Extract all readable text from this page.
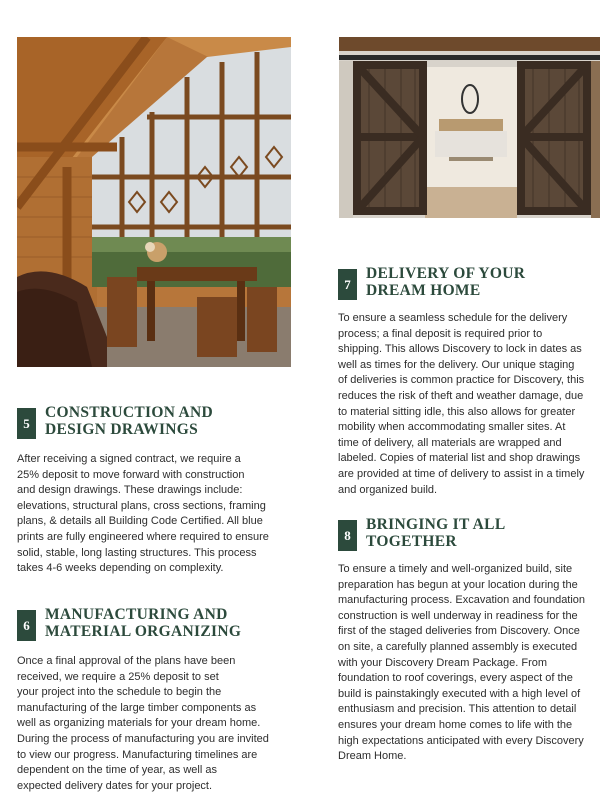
5
CONSTRUCTION AND
DESIGN DRAWINGS
After receiving a signed contract, we require a
25% deposit to move forward with construction
and design drawings. These drawings include:
elevations, structural plans, cross sections, framing
plans, & details all Building Code Certified. All blue
prints are fully engineered where required to ensure
solid, stable, long lasting structures. This process
takes 4-6 weeks depending on complexity.
6
MANUFACTURING AND
MATERIAL ORGANIZING
Once a final approval of the plans have been
received, we require a 25% deposit to set
your project into the schedule to begin the
manufacturing of the large timber components as
well as organizing materials for your dream home.
During the process of manufacturing you are invited
to view our progress. Manufacturing timelines are
dependent on the time of year, as well as
expected delivery dates for your project.
7
DELIVERY OF YOUR
DREAM HOME
To ensure a seamless schedule for the delivery
process; a final deposit is required prior to
shipping. This allows Discovery to lock in dates as
well as times for the delivery. Our unique staging
of deliveries is common practice for Discovery, this
reduces the risk of theft and weather damage, due
to material sitting idle, this also allows for greater
mobility when accommodating smaller sites. At
time of delivery, all materials are wrapped and
labeled. Copies of material list and shop drawings
are provided at time of delivery to assist in a timely
and organized build.
8
BRINGING IT ALL
TOGETHER
To ensure a timely and well-organized build, site
preparation has begun at your location during the
manufacturing process. Excavation and foundation
construction is well underway in readiness for the
first of the staged deliveries from Discovery. Once
on site, a carefully planned assembly is executed
with your Discovery Dream Package. From
foundation to roof coverings, every aspect of the
build is painstakingly executed with a high level of
enthusiasm and precision. This attention to detail
ensures your dream home comes to life with the
high expectations anticipated with every Discovery
Dream Home.
